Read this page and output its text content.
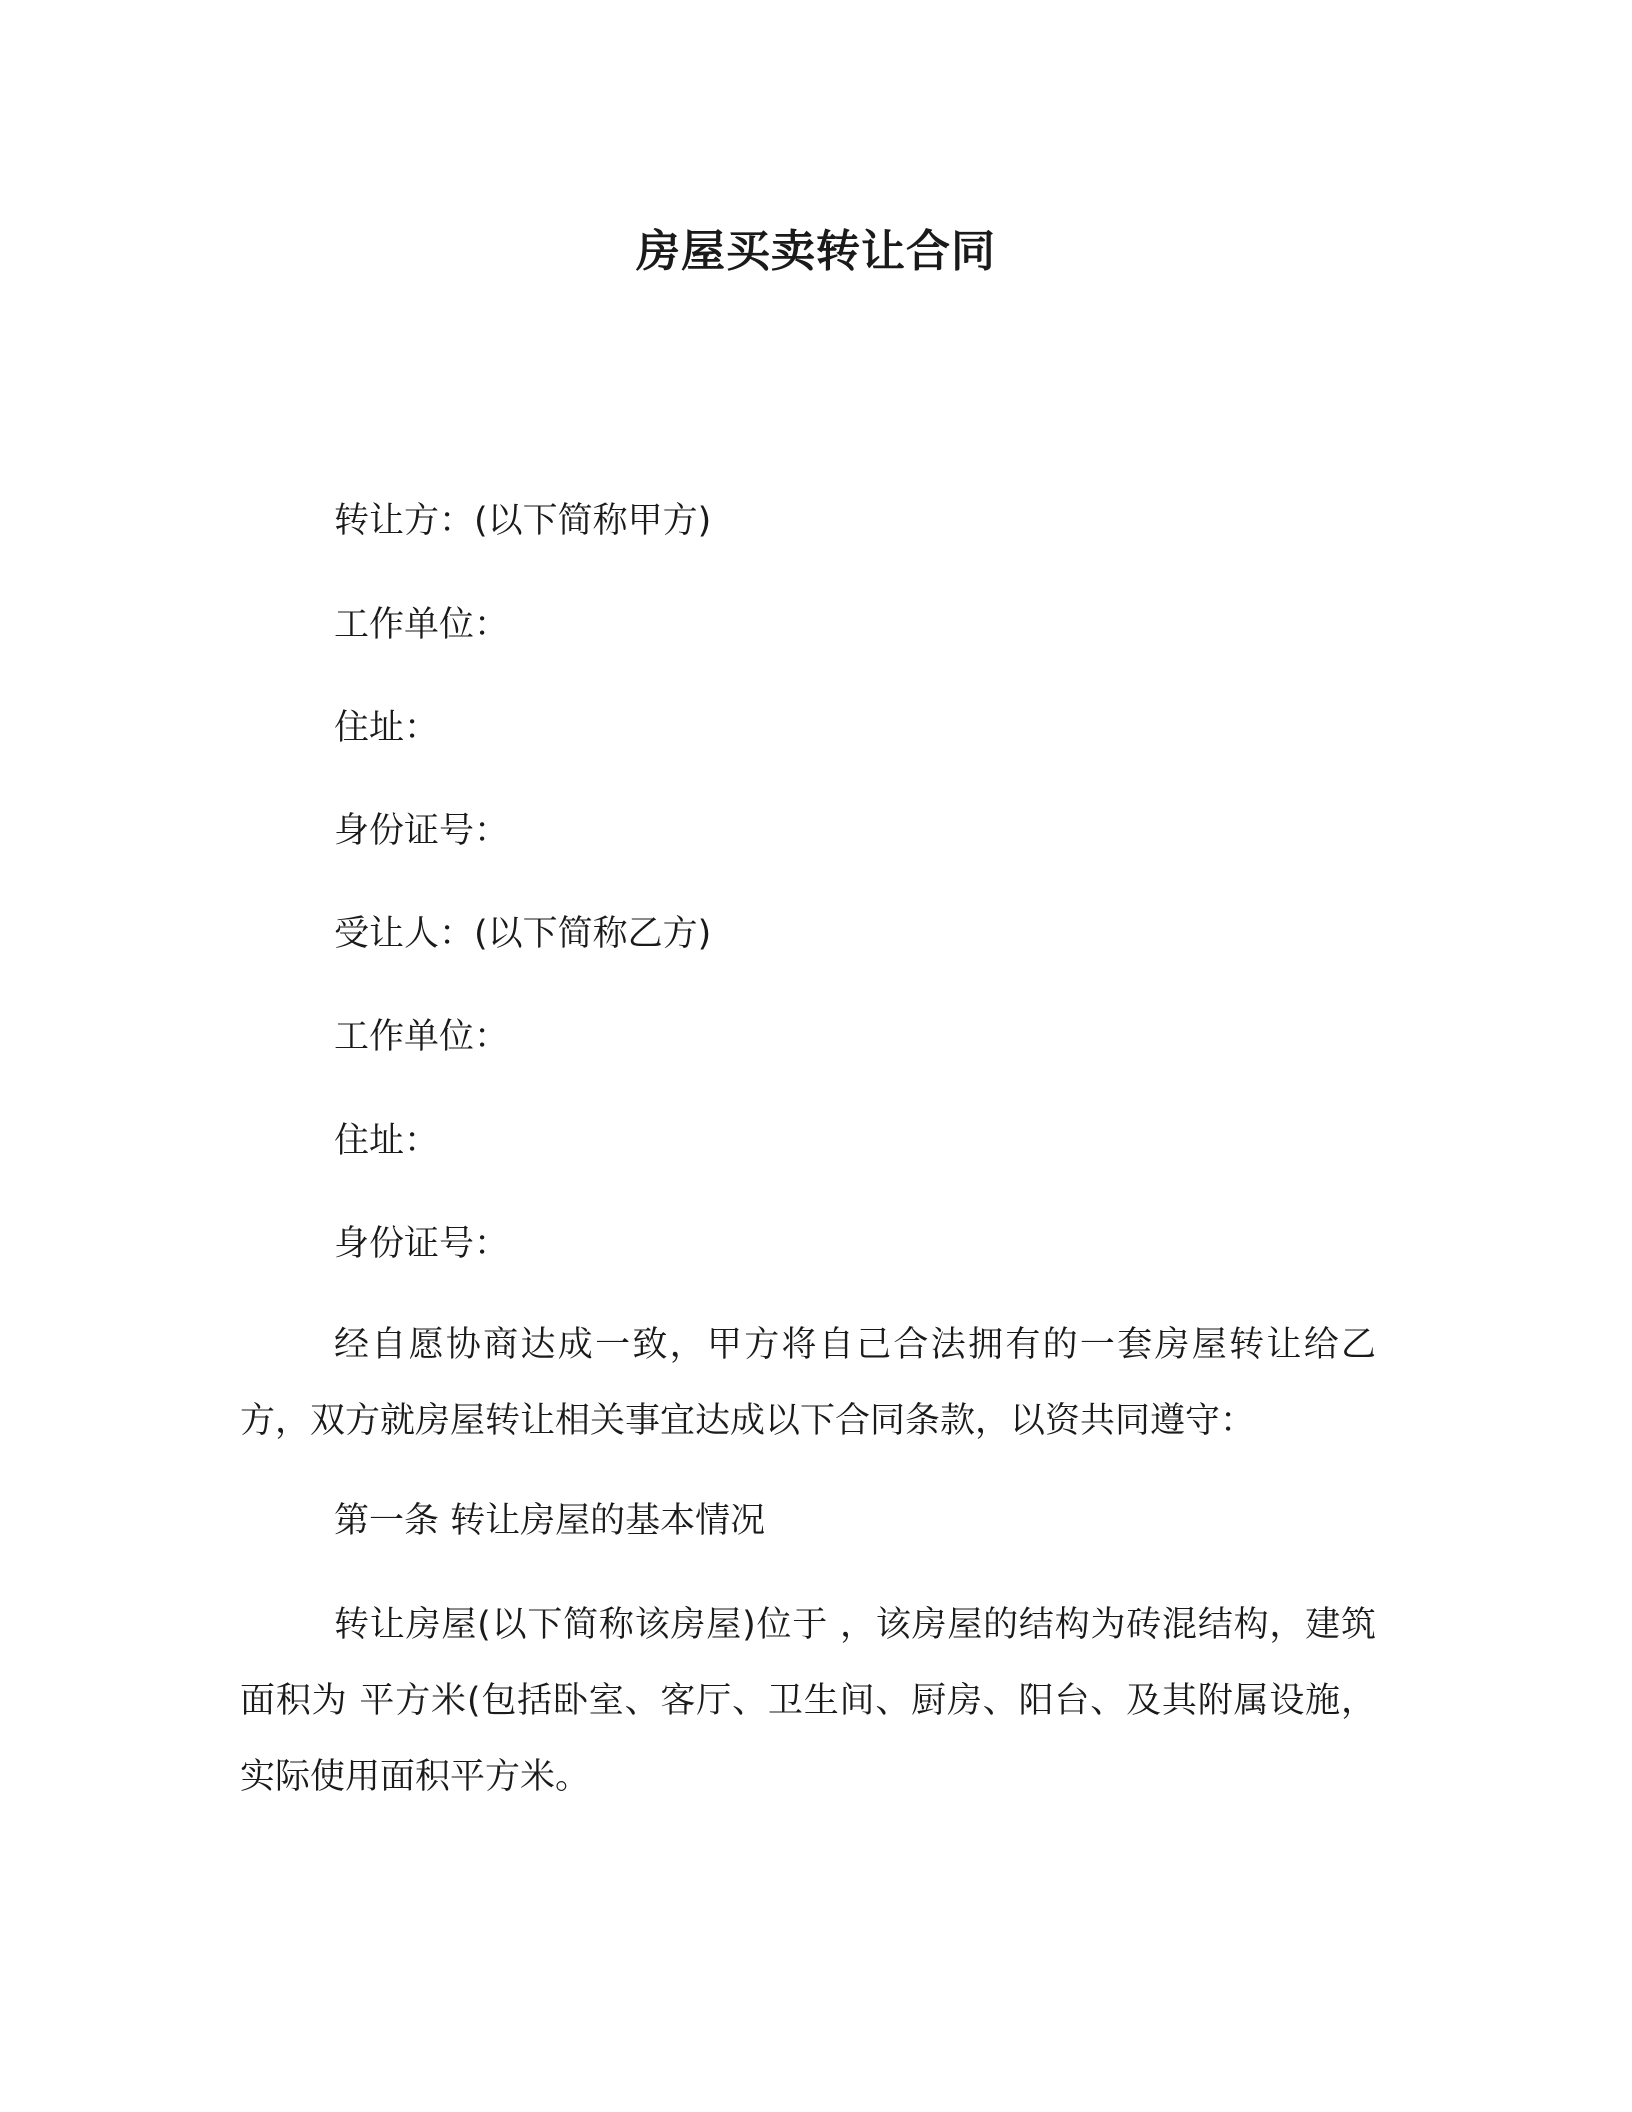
房屋买卖转让合同

转让方：(以下简称甲方)

工作单位：

住址：

身份证号：

受让人：(以下简称乙方)

工作单位：

住址：

身份证号：

经自愿协商达成一致，甲方将自己合法拥有的一套房屋转让给乙方，双方就房屋转让相关事宜达成以下合同条款，以资共同遵守：

第一条 转让房屋的基本情况

转让房屋(以下简称该房屋)位于 ，该房屋的结构为砖混结构，建筑面积为 平方米(包括卧室、客厅、卫生间、厨房、阳台、及其附属设施，实际使用面积平方米。
